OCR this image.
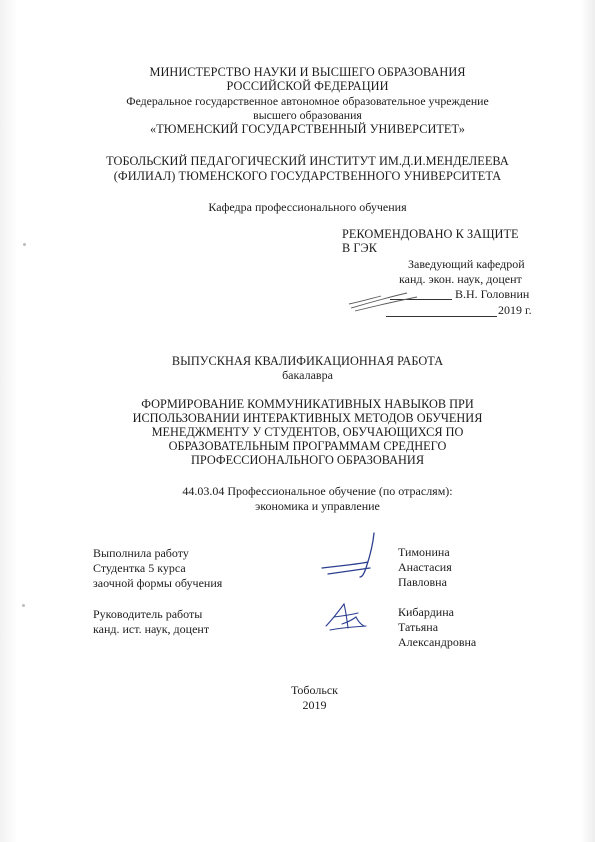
МИНИСТЕРСТВО НАУКИ И ВЫСШЕГО ОБРАЗОВАНИЯ
РОССИЙСКОЙ ФЕДЕРАЦИИ
Федеральное государственное автономное образовательное учреждение
высшего образования
«ТЮМЕНСКИЙ ГОСУДАРСТВЕННЫЙ УНИВЕРСИТЕТ»
ТОБОЛЬСКИЙ ПЕДАГОГИЧЕСКИЙ ИНСТИТУТ ИМ.Д.И.МЕНДЕЛЕЕВА
(ФИЛИАЛ) ТЮМЕНСКОГО ГОСУДАРСТВЕННОГО УНИВЕРСИТЕТА
Кафедра профессионального обучения
РЕКОМЕНДОВАНО К ЗАЩИТЕ
В ГЭК
Заведующий кафедрой
канд. экон. наук, доцент
В.Н. Головнин
2019 г.
ВЫПУСКНАЯ КВАЛИФИКАЦИОННАЯ РАБОТА
бакалавра
ФОРМИРОВАНИЕ КОММУНИКАТИВНЫХ НАВЫКОВ ПРИ
ИСПОЛЬЗОВАНИИ ИНТЕРАКТИВНЫХ МЕТОДОВ ОБУЧЕНИЯ
МЕНЕДЖМЕНТУ У СТУДЕНТОВ, ОБУЧАЮЩИХСЯ ПО
ОБРАЗОВАТЕЛЬНЫМ ПРОГРАММАМ СРЕДНЕГО
ПРОФЕССИОНАЛЬНОГО ОБРАЗОВАНИЯ
44.03.04 Профессиональное обучение (по отраслям):
экономика и управление
Выполнила работу
Студентка 5 курса
заочной формы обучения
Тимонина
Анастасия
Павловна
Руководитель работы
канд. ист. наук, доцент
Кибардина
Татьяна
Александровна
Тобольск
2019
